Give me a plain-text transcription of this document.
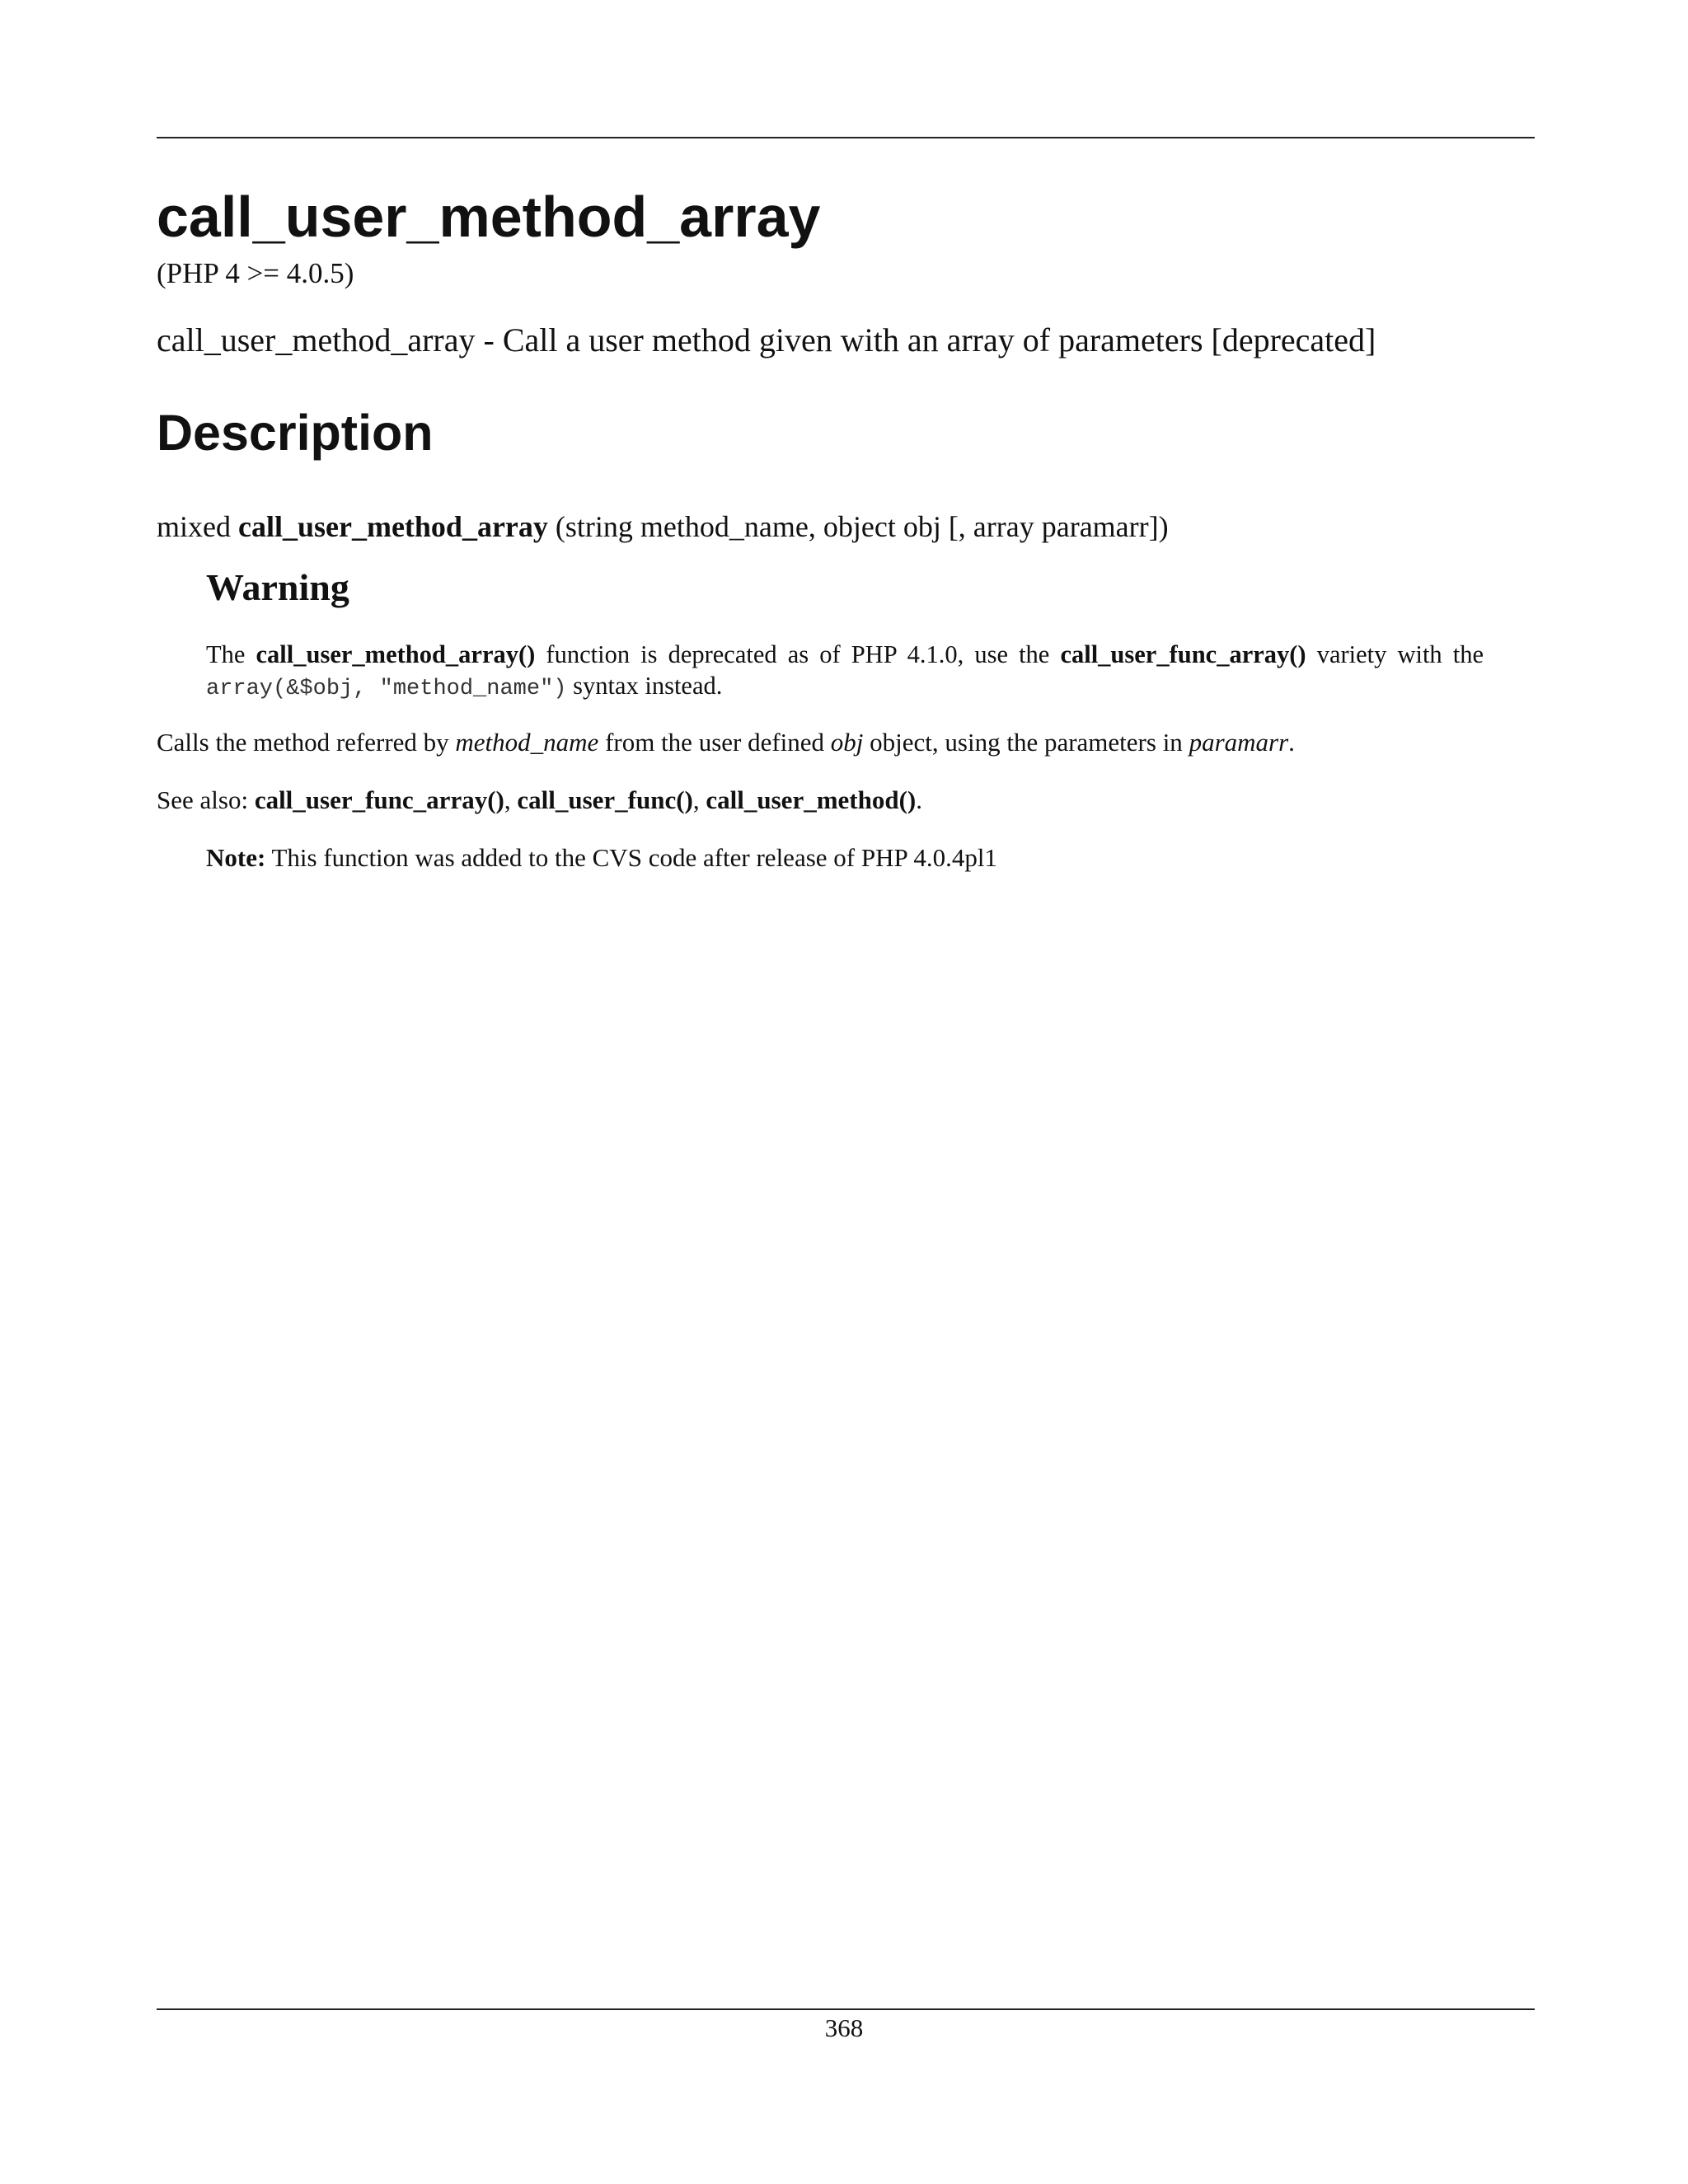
call_user_method_array
(PHP 4 >= 4.0.5)
call_user_method_array - Call a user method given with an array of parameters [deprecated]
Description
mixed call_user_method_array (string method_name, object obj [, array paramarr])
Warning
The call_user_method_array() function is deprecated as of PHP 4.1.0, use the call_user_func_array() variety with the array(&$obj, "method_name") syntax instead.
Calls the method referred by method_name from the user defined obj object, using the parameters in paramarr.
See also: call_user_func_array(), call_user_func(), call_user_method().
Note: This function was added to the CVS code after release of PHP 4.0.4pl1
368
